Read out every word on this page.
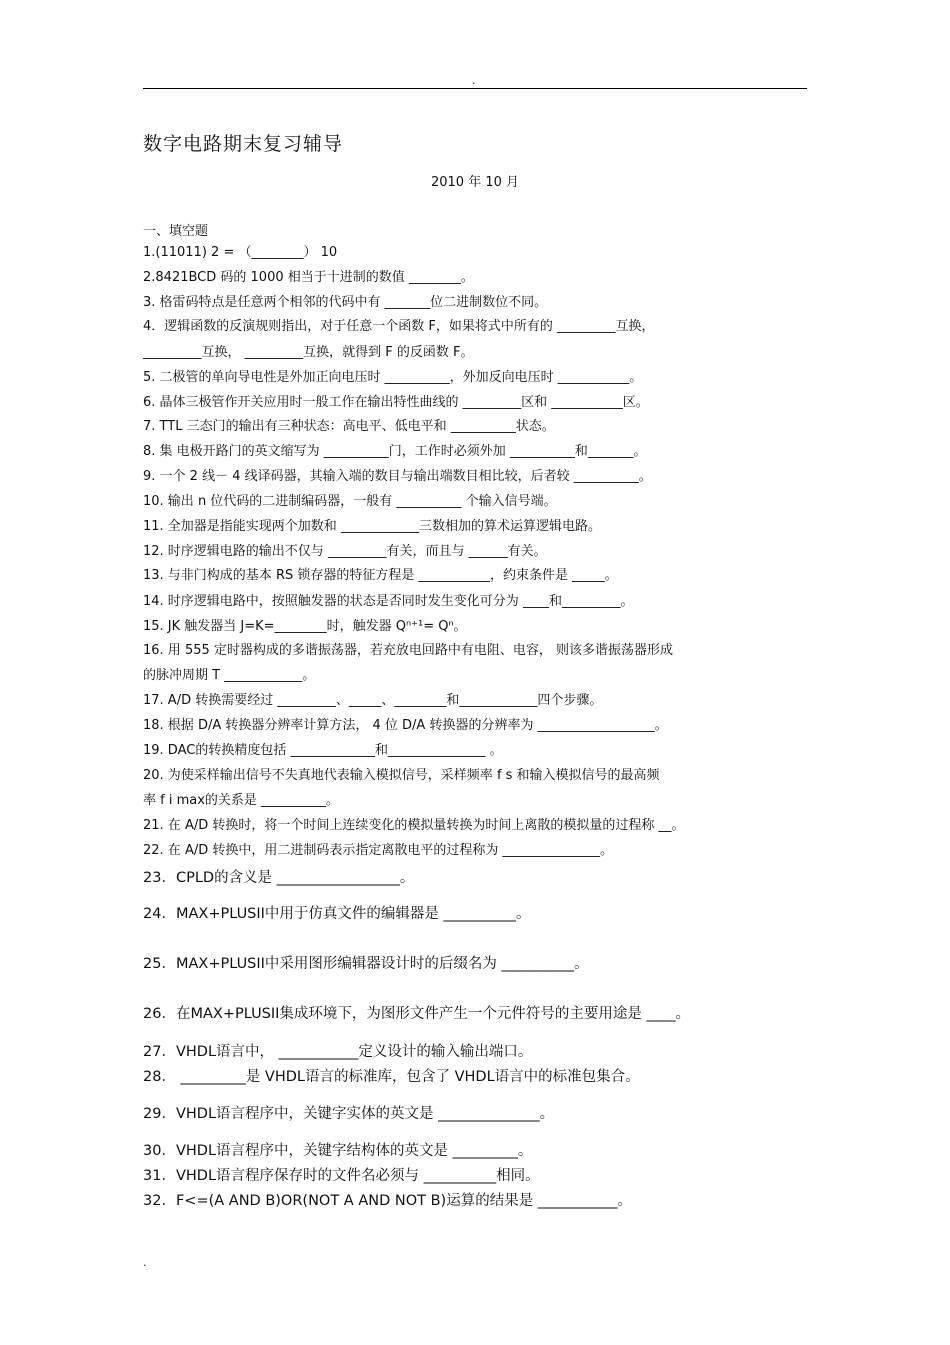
.
数字电路期末复习辅导
2010 年 10 月
一、填空题
1.(11011) 2 = （________） 10
2.8421BCD 码的 1000 相当于十进制的数值 ________。
3. 格雷码特点是任意两个相邻的代码中有 _______位二进制数位不同。
4．逻辑函数的反演规则指出，对于任意一个函数 F，如果将式中所有的 _________互换，
_________互换， _________互换，就得到 F 的反函数 F。
5. 二极管的单向导电性是外加正向电压时 __________，外加反向电压时 ___________。
6. 晶体三极管作开关应用时一般工作在输出特性曲线的 _________区和 ___________区。
7. TTL 三态门的输出有三种状态：高电平、低电平和 __________状态。
8. 集 电极开路门的英文缩写为 __________门，工作时必须外加 __________和_______。
9. 一个 2 线－ 4 线译码器，其输入端的数目与输出端数目相比较，后者较 __________。
10. 输出 n 位代码的二进制编码器，一般有 __________ 个输入信号端。
11. 全加器是指能实现两个加数和 ____________三数相加的算术运算逻辑电路。
12. 时序逻辑电路的输出不仅与 _________有关，而且与 ______有关。
13. 与非门构成的基本 RS 锁存器的特征方程是 ___________，约束条件是 _____。
14. 时序逻辑电路中，按照触发器的状态是否同时发生变化可分为 ____和_________。
15. JK 触发器当 J=K=________时，触发器 Qⁿ⁺¹= Qⁿ。
16. 用 555 定时器构成的多谐振荡器，若充放电回路中有电阻、电容， 则该多谐振荡器形成
的脉冲周期 T ____________。
17. A/D 转换需要经过 _________、_____、________和____________四个步骤。
18. 根据 D/A 转换器分辨率计算方法， 4 位 D/A 转换器的分辨率为 __________________。
19. DAC的转换精度包括 _____________和_______________ 。
20. 为使采样输出信号不失真地代表输入模拟信号，采样频率 f s 和输入模拟信号的最高频
率 f i max的关系是 __________。
21. 在 A/D 转换时，将一个时间上连续变化的模拟量转换为时间上离散的模拟量的过程称 __。
22. 在 A/D 转换中，用二进制码表示指定离散电平的过程称为 _______________。
23．CPLD的含义是 _________________。
24．MAX+PLUSII中用于仿真文件的编辑器是 __________。
25．MAX+PLUSII中采用图形编辑器设计时的后缀名为 __________。
26．在MAX+PLUSII集成环境下，为图形文件产生一个元件符号的主要用途是 ____。
27．VHDL语言中， ___________定义设计的输入输出端口。
28． _________是 VHDL语言的标准库，包含了 VHDL语言中的标准包集合。
29．VHDL语言程序中，关键字实体的英文是 ______________。
30．VHDL语言程序中，关键字结构体的英文是 _________。
31．VHDL语言程序保存时的文件名必须与 __________相同。
32．F<=(A AND B)OR(NOT A AND NOT B)运算的结果是 ___________。
.
